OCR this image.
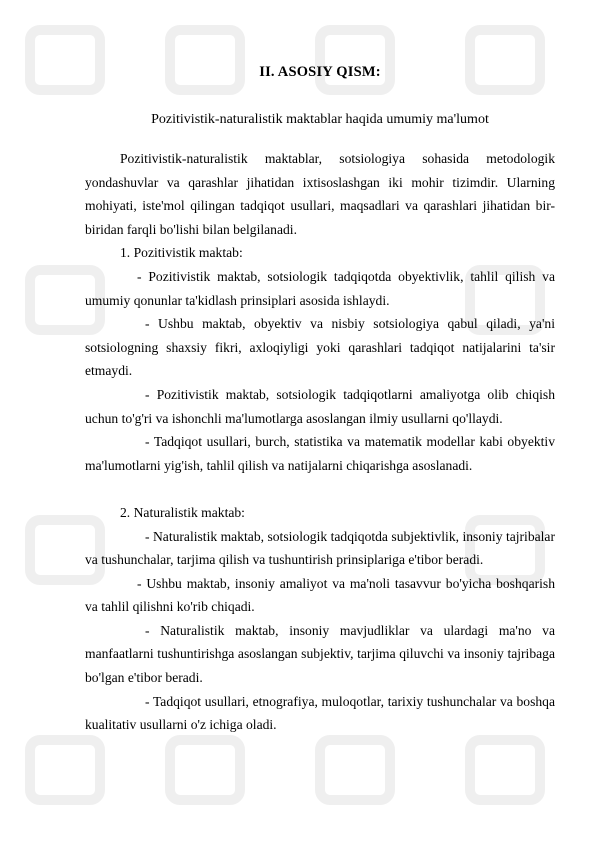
II. ASOSIY QISM:
Pozitivistik-naturalistik maktablar haqida umumiy ma'lumot

Pozitivistik-naturalistik maktablar, sotsiologiya sohasida metodologik yondashuvlar va qarashlar jihatidan ixtisoslashgan iki mohir tizimdir. Ularning mohiyati, iste'mol qilingan tadqiqot usullari, maqsadlari va qarashlari jihatidan bir-biridan farqli bo'lishi bilan belgilanadi.

1. Pozitivistik maktab:

- Pozitivistik maktab, sotsiologik tadqiqotda obyektivlik, tahlil qilish va umumiy qonunlar ta'kidlash prinsiplari asosida ishlaydi.

- Ushbu maktab, obyektiv va nisbiy sotsiologiya qabul qiladi, ya'ni sotsiologning shaxsiy fikri, axloqiyligi yoki qarashlari tadqiqot natijalarini ta'sir etmaydi.

- Pozitivistik maktab, sotsiologik tadqiqotlarni amaliyotga olib chiqish uchun to'g'ri va ishonchli ma'lumotlarga asoslangan ilmiy usullarni qo'llaydi.

- Tadqiqot usullari, burch, statistika va matematik modellar kabi obyektiv ma'lumotlarni yig'ish, tahlil qilish va natijalarni chiqarishga asoslanadi.

2. Naturalistik maktab:

- Naturalistik maktab, sotsiologik tadqiqotda subjektivlik, insoniy tajribalar va tushunchalar, tarjima qilish va tushuntirish prinsiplariga e'tibor beradi.

- Ushbu maktab, insoniy amaliyot va ma'noli tasavvur bo'yicha boshqarish va tahlil qilishni ko'rib chiqadi.

- Naturalistik maktab, insoniy mavjudliklar va ulardagi ma'no va manfaatlarni tushuntirishga asoslangan subjektiv, tarjima qiluvchi va insoniy tajribaga bo'lgan e'tibor beradi.

- Tadqiqot usullari, etnografiya, muloqotlar, tarixiy tushunchalar va boshqa kualitativ usullarni o'z ichiga oladi.
